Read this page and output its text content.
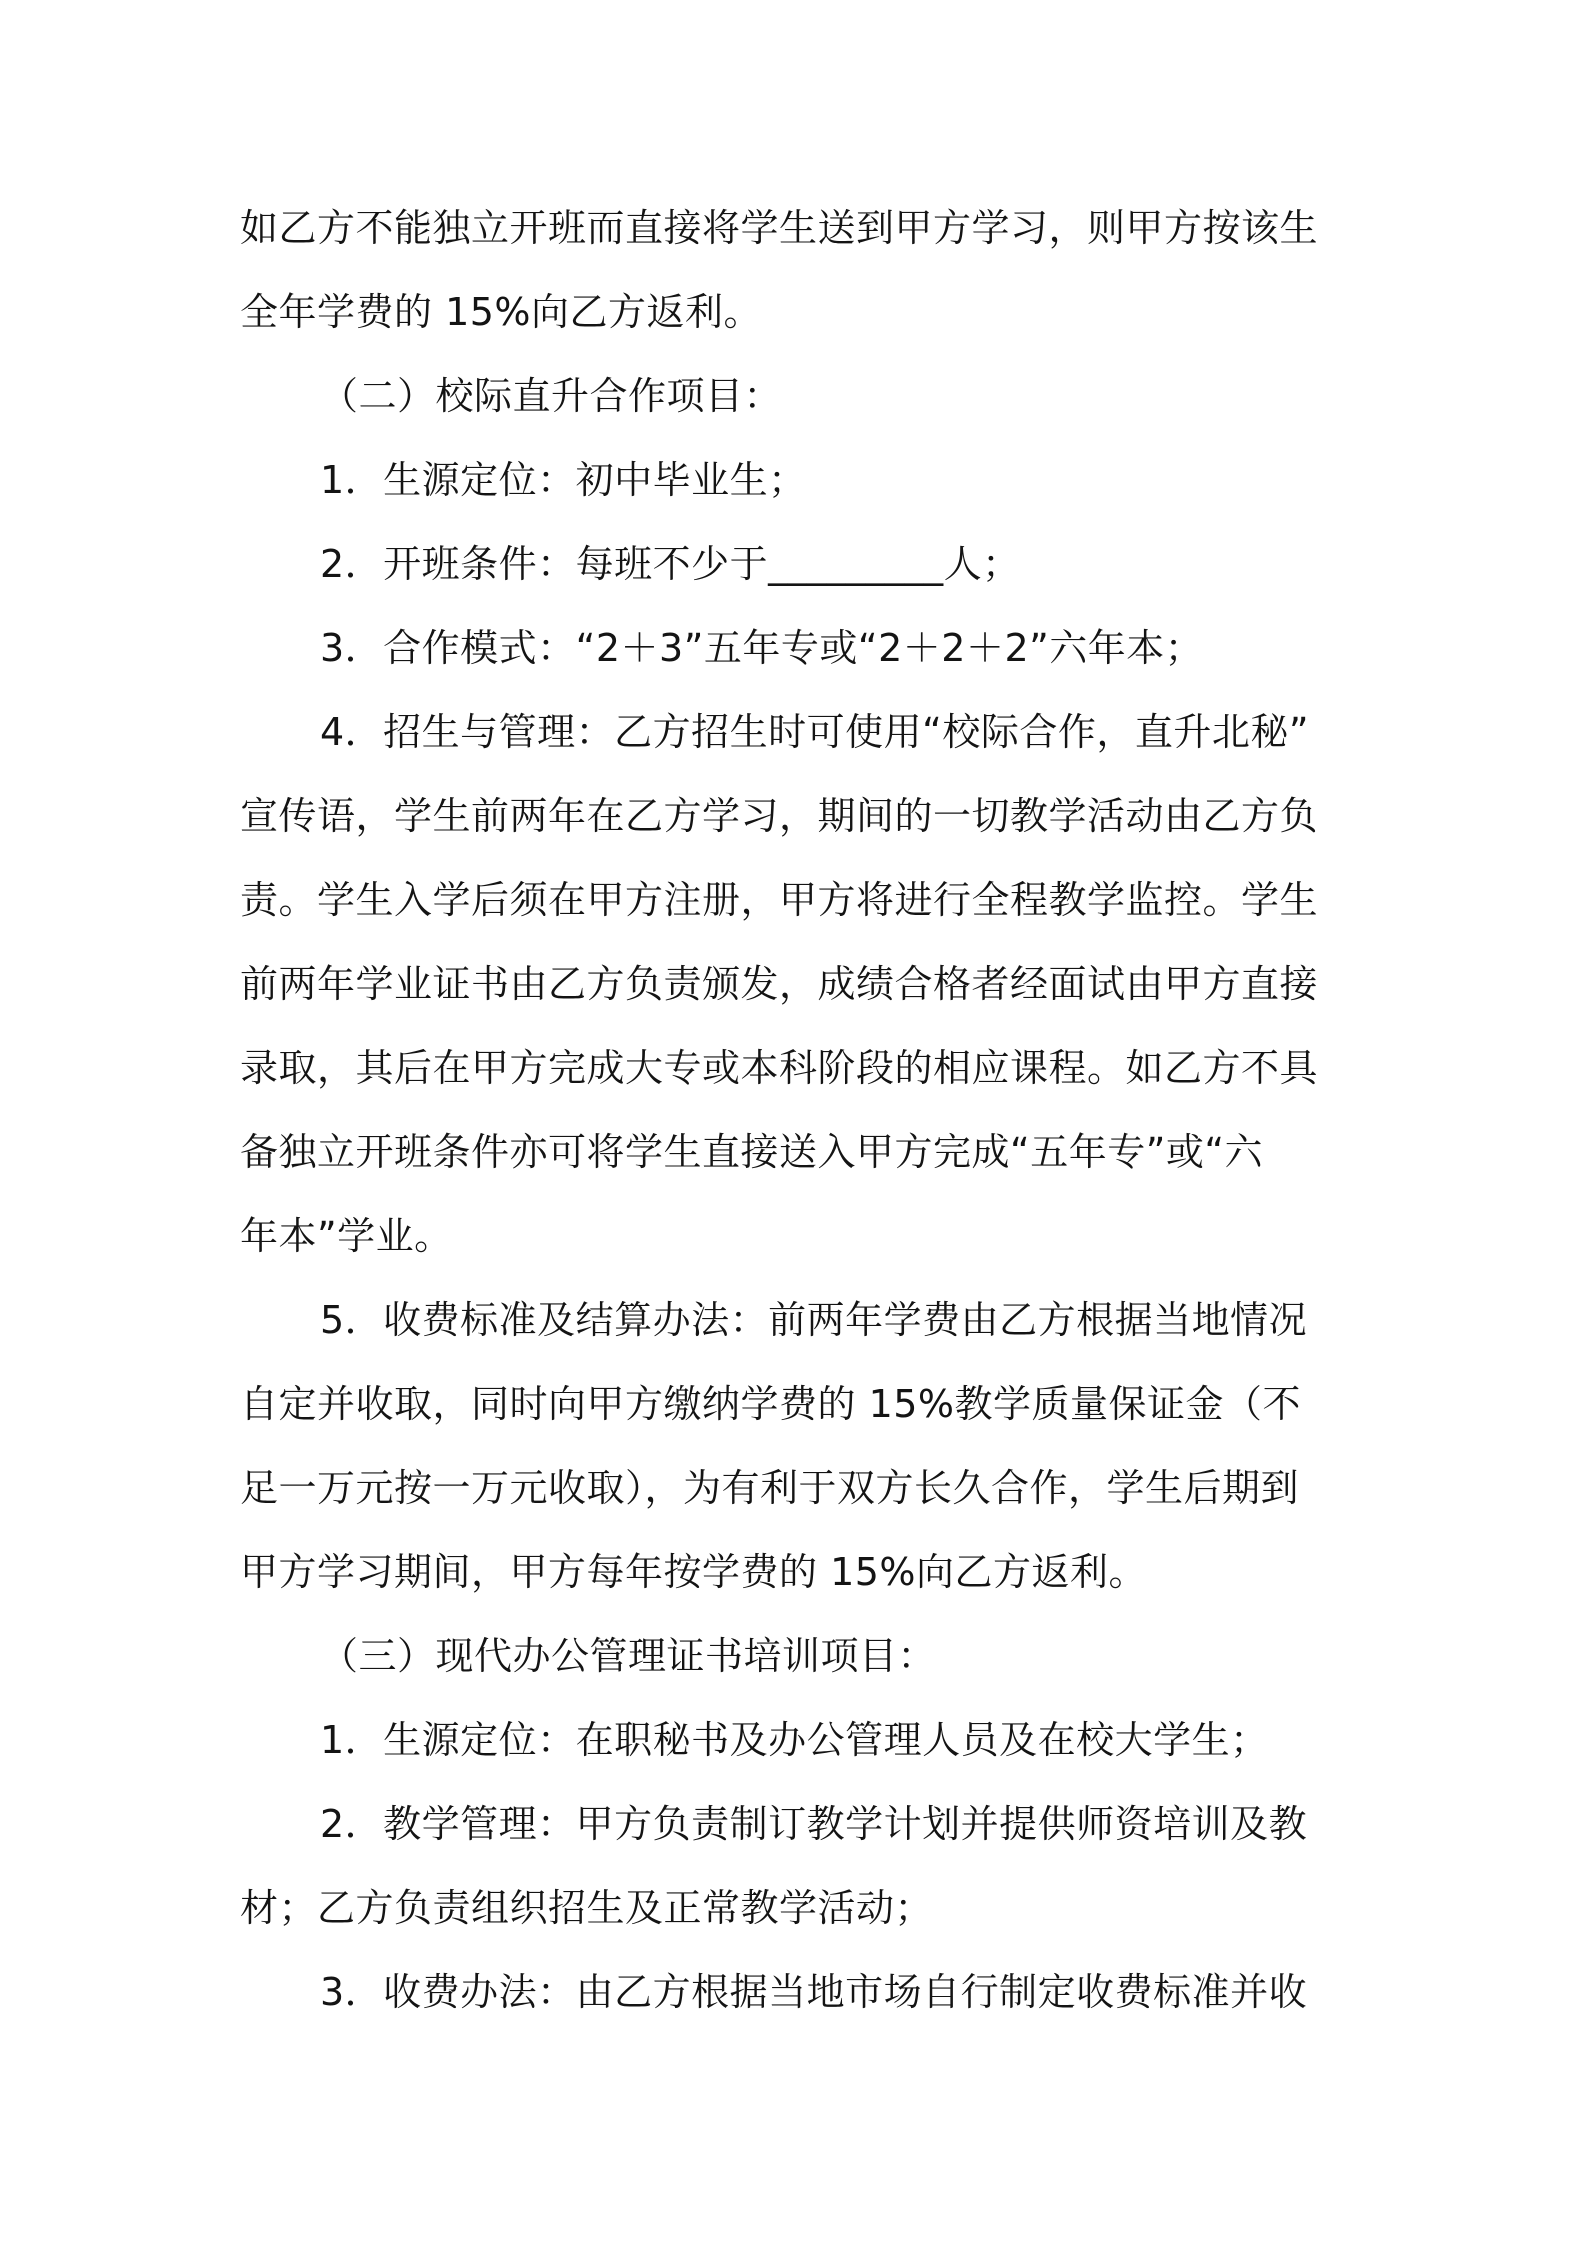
如乙方不能独立开班而直接将学生送到甲方学习，则甲方按该生
全年学费的 15%向乙方返利。
（二）校际直升合作项目：
1．生源定位：初中毕业生；
2．开班条件：每班不少于_________人；
3．合作模式：“2＋3”五年专或“2＋2＋2”六年本；
4．招生与管理：乙方招生时可使用“校际合作，直升北秘”
宣传语，学生前两年在乙方学习，期间的一切教学活动由乙方负
责。学生入学后须在甲方注册，甲方将进行全程教学监控。学生
前两年学业证书由乙方负责颁发，成绩合格者经面试由甲方直接
录取，其后在甲方完成大专或本科阶段的相应课程。如乙方不具
备独立开班条件亦可将学生直接送入甲方完成“五年专”或“六
年本”学业。
5．收费标准及结算办法：前两年学费由乙方根据当地情况
自定并收取，同时向甲方缴纳学费的 15%教学质量保证金（不
足一万元按一万元收取），为有利于双方长久合作，学生后期到
甲方学习期间，甲方每年按学费的 15%向乙方返利。
（三）现代办公管理证书培训项目：
1．生源定位：在职秘书及办公管理人员及在校大学生；
2．教学管理：甲方负责制订教学计划并提供师资培训及教
材；乙方负责组织招生及正常教学活动；
3．收费办法：由乙方根据当地市场自行制定收费标准并收
